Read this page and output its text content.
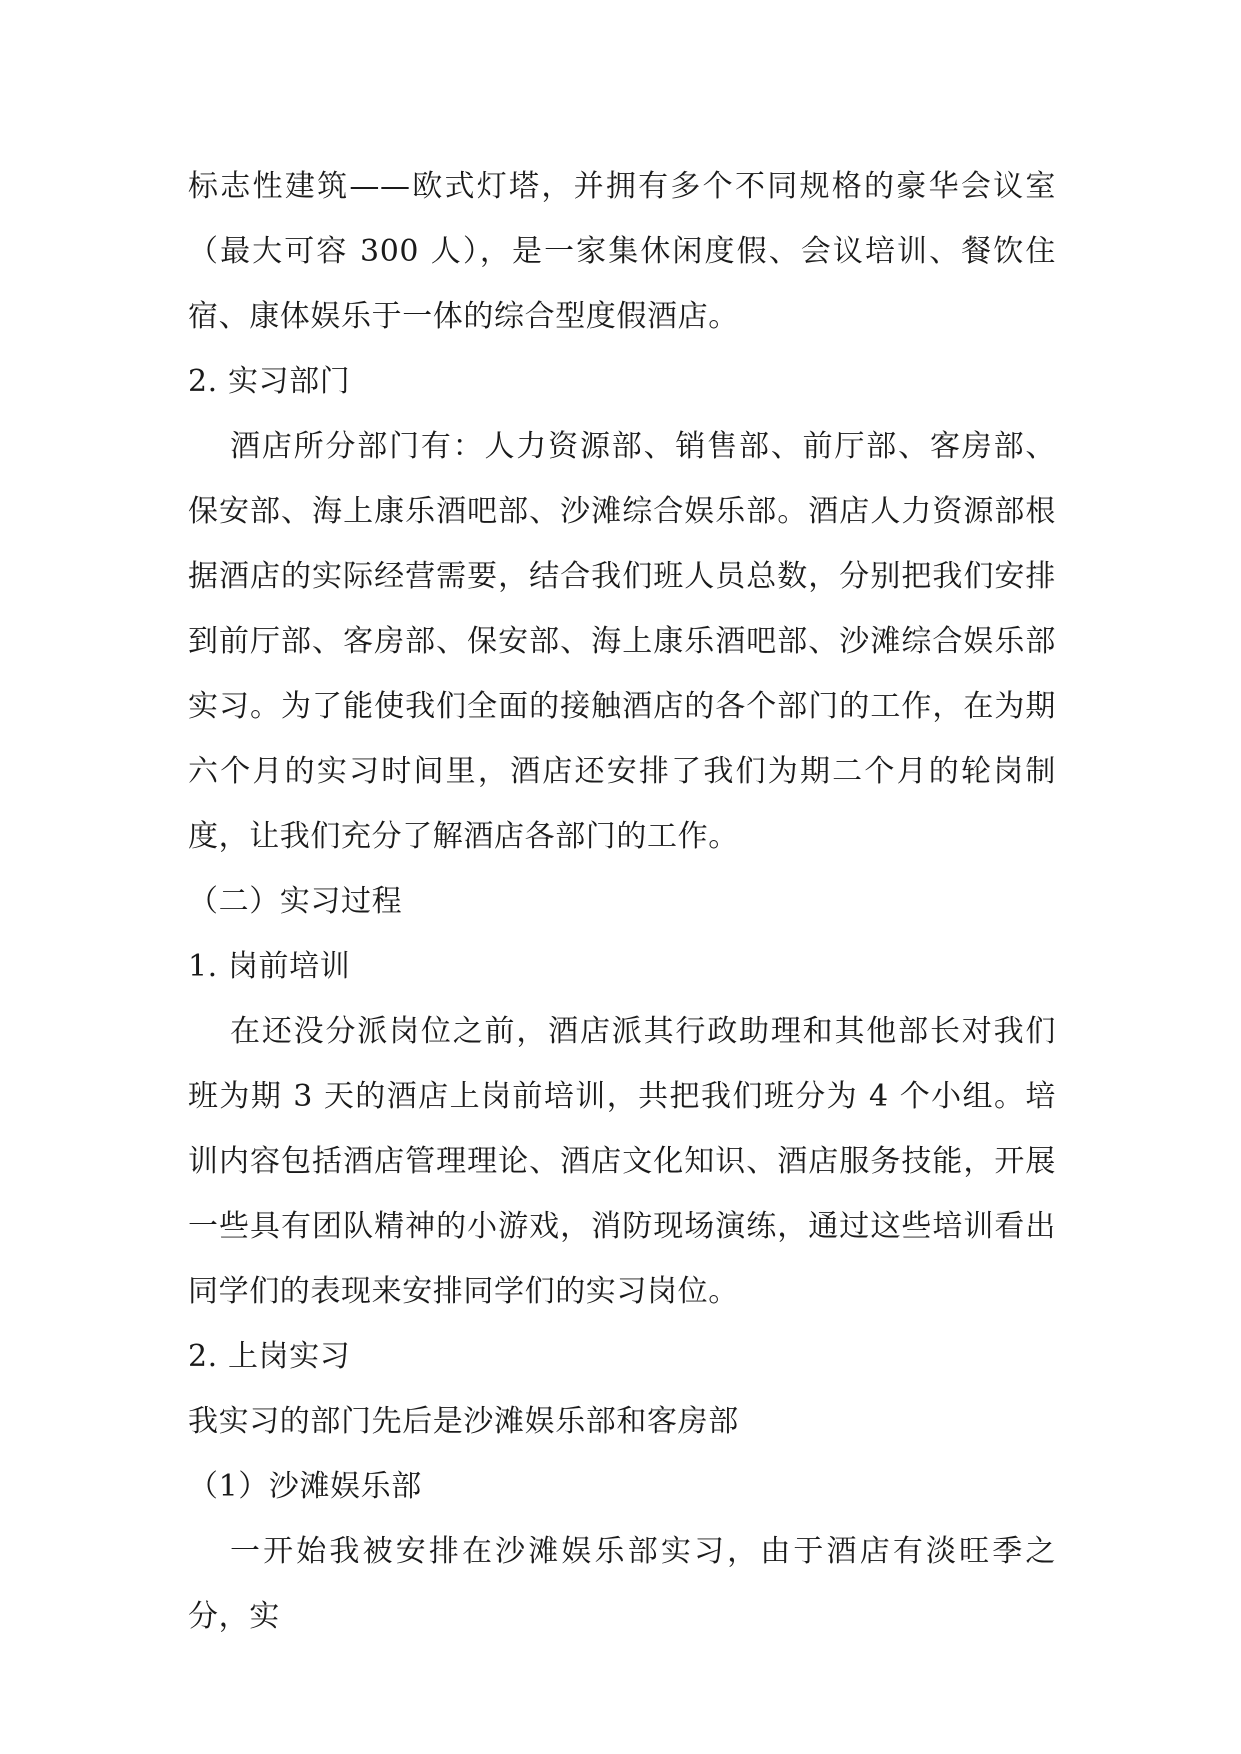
标志性建筑——欧式灯塔，并拥有多个不同规格的豪华会议室（最大可容 300 人），是一家集休闲度假、会议培训、餐饮住宿、康体娱乐于一体的综合型度假酒店。

2. 实习部门

酒店所分部门有：人力资源部、销售部、前厅部、客房部、保安部、海上康乐酒吧部、沙滩综合娱乐部。酒店人力资源部根据酒店的实际经营需要，结合我们班人员总数，分别把我们安排到前厅部、客房部、保安部、海上康乐酒吧部、沙滩综合娱乐部实习。为了能使我们全面的接触酒店的各个部门的工作，在为期六个月的实习时间里，酒店还安排了我们为期二个月的轮岗制度，让我们充分了解酒店各部门的工作。

（二）实习过程

1. 岗前培训

在还没分派岗位之前，酒店派其行政助理和其他部长对我们班为期 3 天的酒店上岗前培训，共把我们班分为 4 个小组。培训内容包括酒店管理理论、酒店文化知识、酒店服务技能，开展一些具有团队精神的小游戏，消防现场演练，通过这些培训看出同学们的表现来安排同学们的实习岗位。

2. 上岗实习

我实习的部门先后是沙滩娱乐部和客房部

（1）沙滩娱乐部

一开始我被安排在沙滩娱乐部实习，由于酒店有淡旺季之分，实
